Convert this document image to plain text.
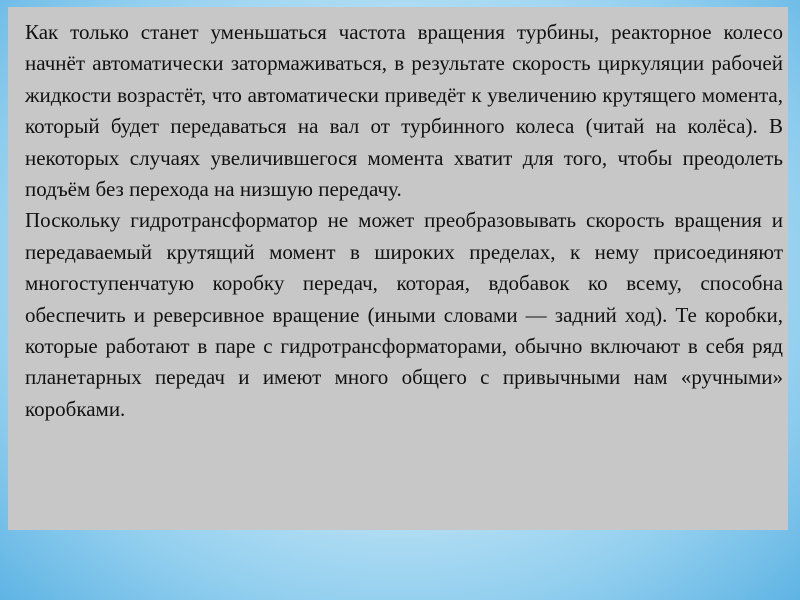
Как только станет уменьшаться частота вращения турбины, реакторное колесо начнёт автоматически затормаживаться, в результате скорость циркуляции рабочей жидкости возрастёт, что автоматически приведёт к увеличению крутящего момента, который будет передаваться на вал от турбинного колеса (читай на колёса). В некоторых случаях увеличившегося момента хватит для того, чтобы преодолеть подъём без перехода на низшую передачу.

Поскольку гидротрансформатор не может преобразовывать скорость вращения и передаваемый крутящий момент в широких пределах, к нему присоединяют многоступенчатую коробку передач, которая, вдобавок ко всему, способна обеспечить и реверсивное вращение (иными словами — задний ход). Те коробки, которые работают в паре с гидротрансформаторами, обычно включают в себя ряд планетарных передач и имеют много общего с привычными нам «ручными» коробками.
